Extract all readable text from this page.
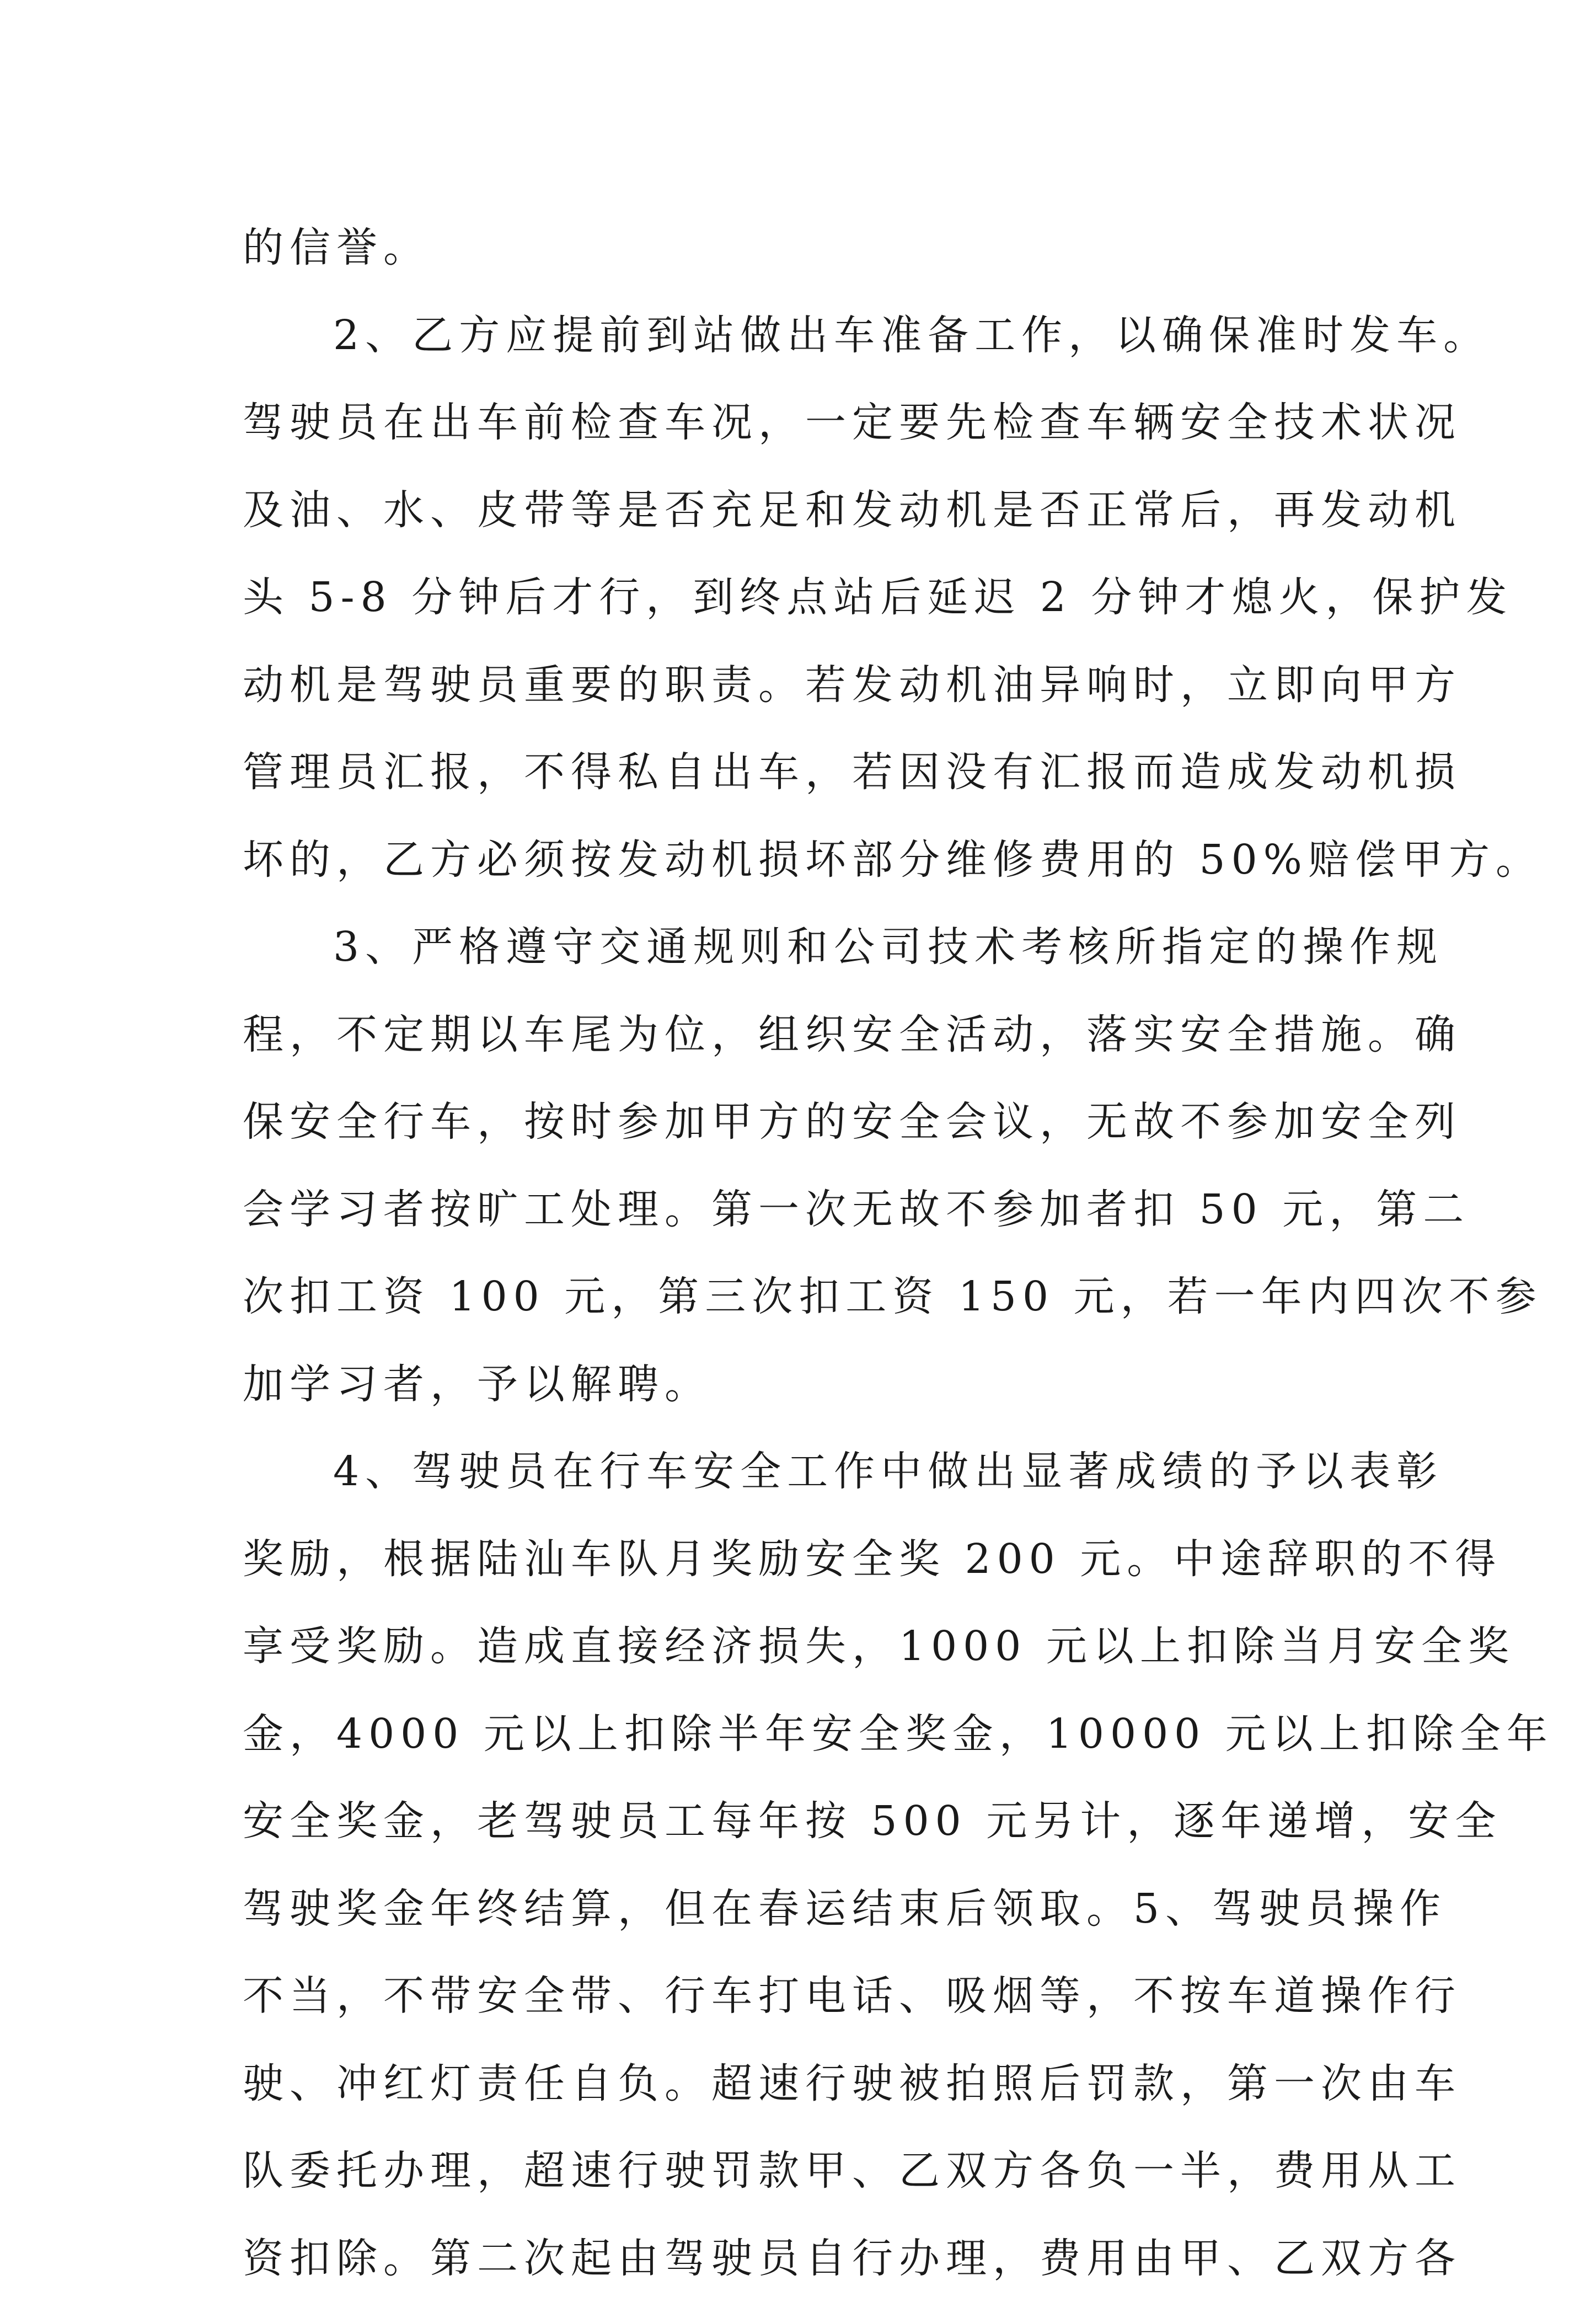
的信誉。
2、乙方应提前到站做出车准备工作，以确保准时发车。
驾驶员在出车前检查车况，一定要先检查车辆安全技术状况
及油、水、皮带等是否充足和发动机是否正常后，再发动机
头 5-8 分钟后才行，到终点站后延迟 2 分钟才熄火，保护发
动机是驾驶员重要的职责。若发动机油异响时，立即向甲方
管理员汇报，不得私自出车，若因没有汇报而造成发动机损
坏的，乙方必须按发动机损坏部分维修费用的 50%赔偿甲方。
3、严格遵守交通规则和公司技术考核所指定的操作规
程，不定期以车尾为位，组织安全活动，落实安全措施。确
保安全行车，按时参加甲方的安全会议，无故不参加安全列
会学习者按旷工处理。第一次无故不参加者扣 50 元，第二
次扣工资 100 元，第三次扣工资 150 元，若一年内四次不参
加学习者，予以解聘。
4、驾驶员在行车安全工作中做出显著成绩的予以表彰
奖励，根据陆汕车队月奖励安全奖 200 元。中途辞职的不得
享受奖励。造成直接经济损失，1000 元以上扣除当月安全奖
金，4000 元以上扣除半年安全奖金，10000 元以上扣除全年
安全奖金，老驾驶员工每年按 500 元另计，逐年递增，安全
驾驶奖金年终结算，但在春运结束后领取。5、驾驶员操作
不当，不带安全带、行车打电话、吸烟等，不按车道操作行
驶、冲红灯责任自负。超速行驶被拍照后罚款，第一次由车
队委托办理，超速行驶罚款甲、乙双方各负一半，费用从工
资扣除。第二次起由驾驶员自行办理，费用由甲、乙双方各
